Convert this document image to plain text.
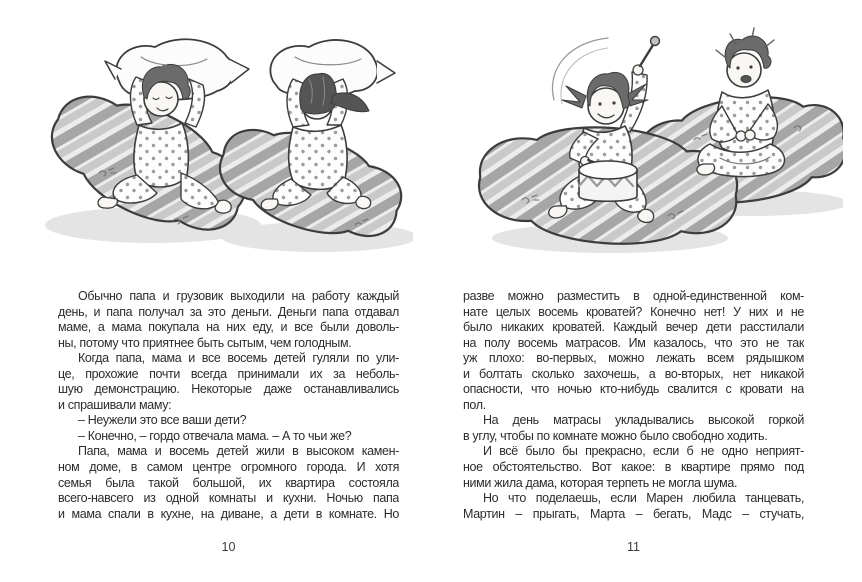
Обычно папа и грузовик выходили на работу каждый
день, и папа получал за это деньги. Деньги папа отдавал
маме, а мама покупала на них еду, и все были доволь-
ны, потому что приятнее быть сытым, чем голодным.
Когда папа, мама и все восемь детей гуляли по ули-
це, прохожие почти всегда принимали их за неболь-
шую демонстрацию. Некоторые даже останавливались
и спрашивали маму:
– Неужели это все ваши дети?
– Конечно, – гордо отвечала мама. – А то чьи же?
Папа, мама и восемь детей жили в высоком камен-
ном доме, в самом центре огромного города. И хотя
семья была такой большой, их квартира состояла
всего-навсего из одной комнаты и кухни. Ночью папа
и мама спали в кухне, на диване, а дети в комнате. Но
разве можно разместить в одной-единственной ком-
нате целых восемь кроватей? Конечно нет! У них и не
было никаких кроватей. Каждый вечер дети расстилали
на полу восемь матрасов. Им казалось, что это не так
уж плохо: во-первых, можно лежать всем рядышком
и болтать сколько захочешь, а во-вторых, нет никакой
опасности, что ночью кто-нибудь свалится с кровати на
пол.
На день матрасы укладывались высокой горкой
в углу, чтобы по комнате можно было свободно ходить.
И всё было бы прекрасно, если б не одно неприят-
ное обстоятельство. Вот какое: в квартире прямо под
ними жила дама, которая терпеть не могла шума.
Но что поделаешь, если Марен любила танцевать,
Мартин – прыгать, Марта – бегать, Мадс – стучать,
10	11
